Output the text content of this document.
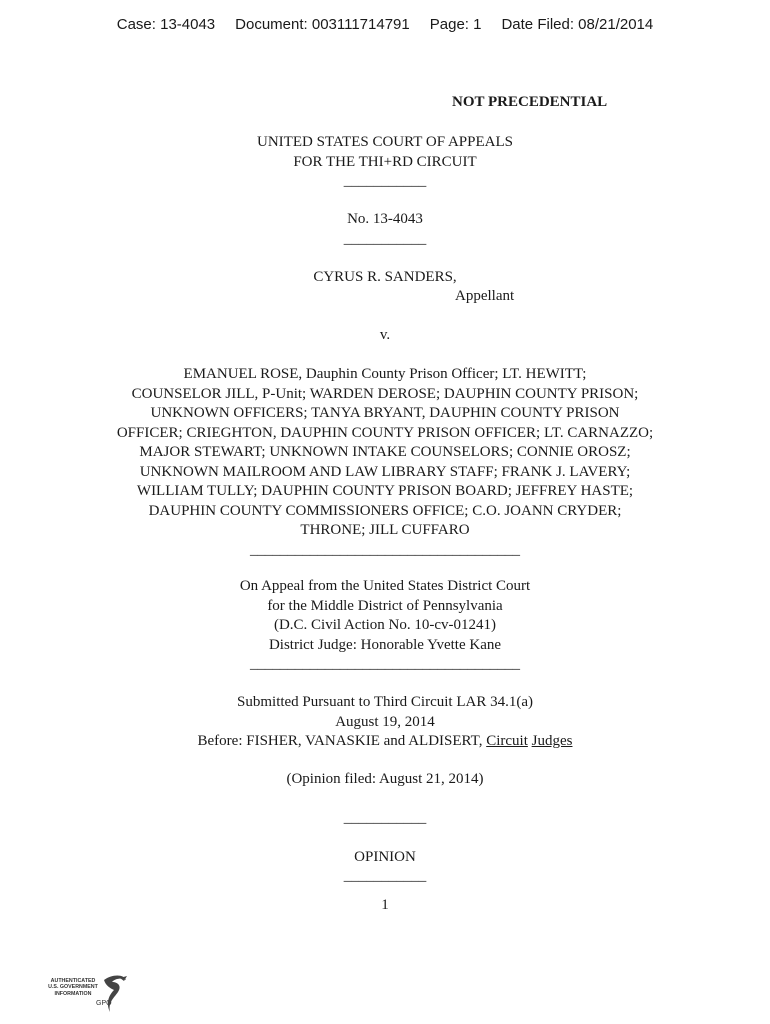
Case: 13-4043 Document: 003111714791 Page: 1 Date Filed: 08/21/2014
NOT PRECEDENTIAL
UNITED STATES COURT OF APPEALS
FOR THE THI+RD CIRCUIT
___________
No. 13-4043
___________
CYRUS R. SANDERS,
Appellant
v.
EMANUEL ROSE, Dauphin County Prison Officer; LT. HEWITT;
COUNSELOR JILL, P-Unit; WARDEN DEROSE; DAUPHIN COUNTY PRISON;
UNKNOWN OFFICERS; TANYA BRYANT, DAUPHIN COUNTY PRISON
OFFICER; CRIEGHTON, DAUPHIN COUNTY PRISON OFFICER; LT. CARNAZZO;
MAJOR STEWART; UNKNOWN INTAKE COUNSELORS; CONNIE OROSZ;
UNKNOWN MAILROOM AND LAW LIBRARY STAFF; FRANK J. LAVERY;
WILLIAM TULLY; DAUPHIN COUNTY PRISON BOARD; JEFFREY HASTE;
DAUPHIN COUNTY COMMISSIONERS OFFICE; C.O. JOANN CRYDER;
THRONE; JILL CUFFARO
____________________________________
On Appeal from the United States District Court
for the Middle District of Pennsylvania
(D.C. Civil Action No. 10-cv-01241)
District Judge: Honorable Yvette Kane
____________________________________
Submitted Pursuant to Third Circuit LAR 34.1(a)
August 19, 2014
Before: FISHER, VANASKIE and ALDISERT, Circuit Judges
(Opinion filed: August 21, 2014)
___________
OPINION
___________
1
AUTHENTICATED
U.S. GOVERNMENT
INFORMATION
GPO
